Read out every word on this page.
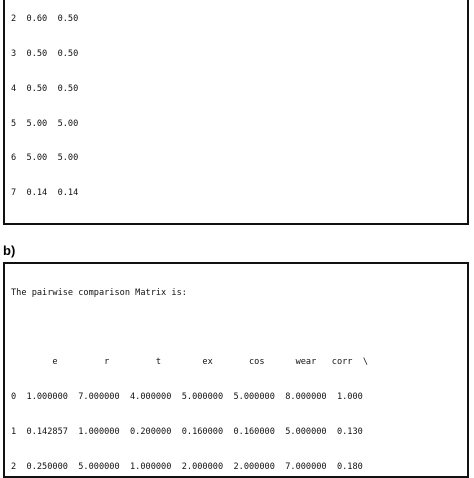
2  0.60  0.50

3  0.50  0.50

4  0.50  0.50

5  5.00  5.00

6  5.00  5.00

7  0.14  0.14

b)

The pairwise comparison Matrix is:

e         r         t        ex       cos      wear   corr  \

0  1.000000  7.000000  4.000000  5.000000  5.000000  8.000000  1.000

1  0.142857  1.000000  0.200000  0.160000  0.160000  5.000000  0.130

2  0.250000  5.000000  1.000000  2.000000  2.000000  7.000000  0.180
